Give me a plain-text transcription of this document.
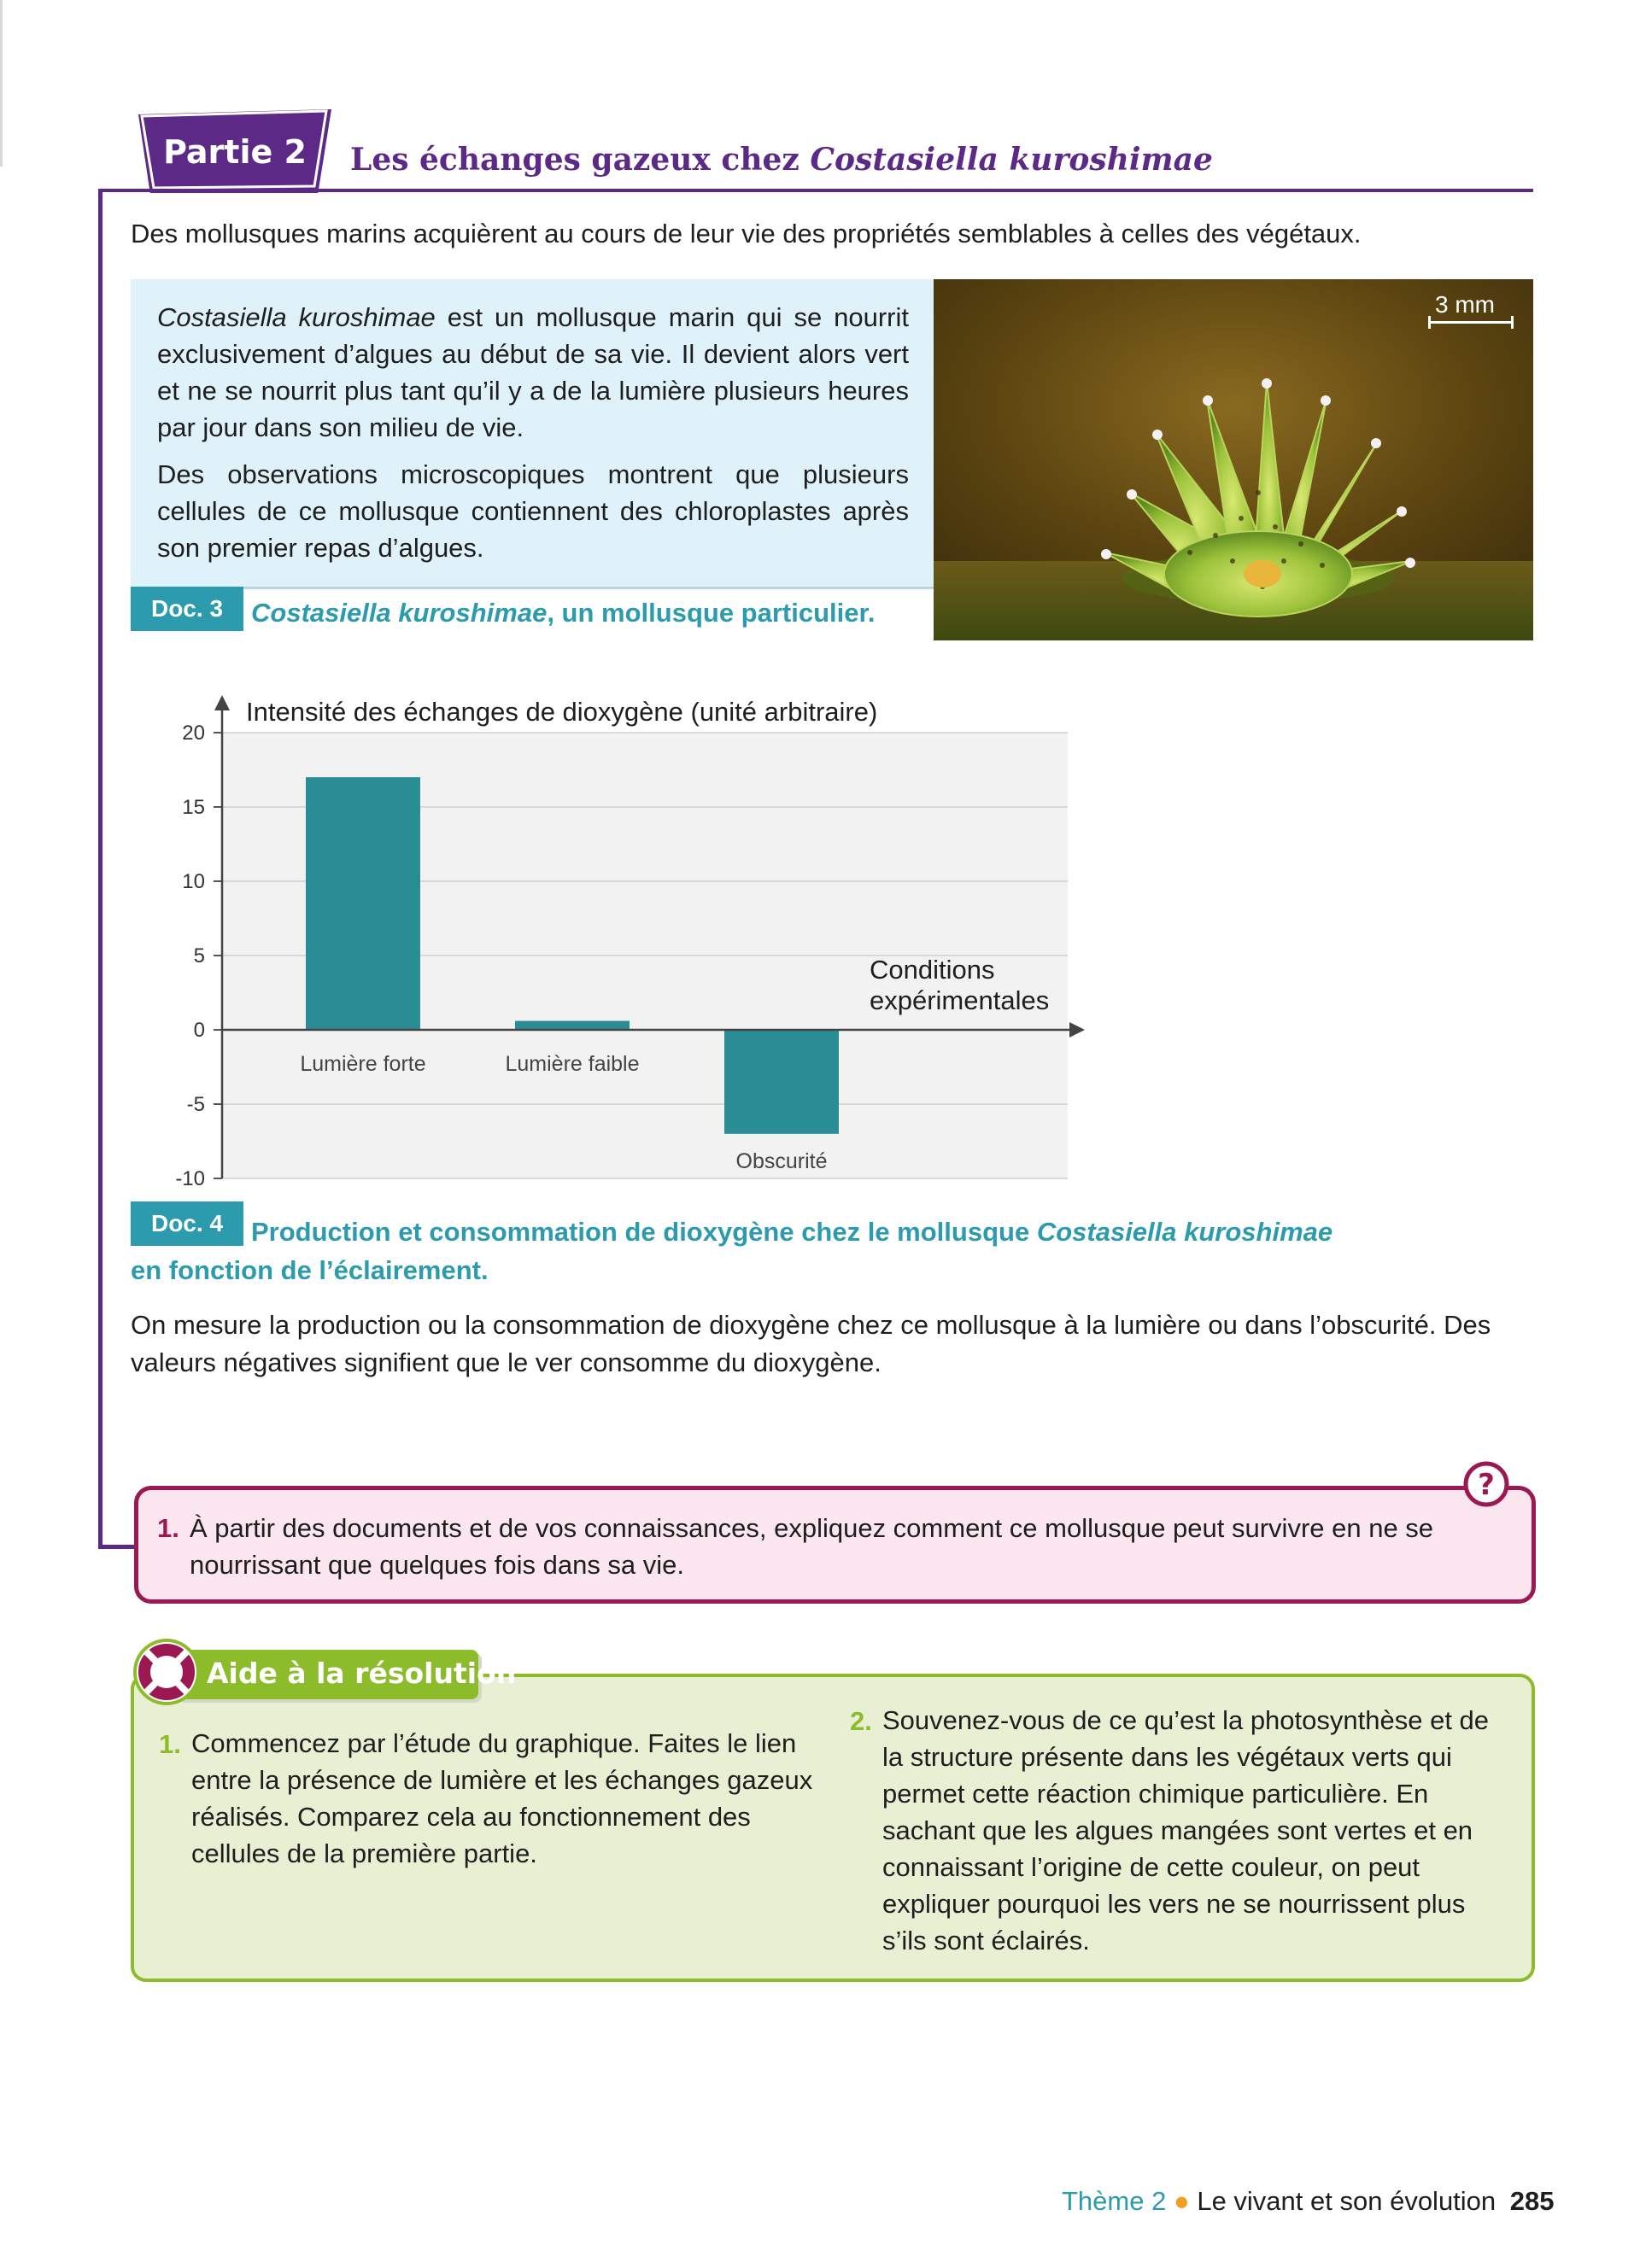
Partie 2	Les échanges gazeux chez Costasiella kuroshimae
Des mollusques marins acquièrent au cours de leur vie des propriétés semblables à celles des végétaux.

Costasiella kuroshimae est un mollusque marin qui se nourrit exclusivement d’algues au début de sa vie. Il devient alors vert et ne se nourrit plus tant qu’il y a de la lumière plusieurs heures par jour dans son milieu de vie.

Des observations microscopiques montrent que plusieurs cellules de ce mollusque contiennent des chloroplastes après son premier repas d’algues.

Doc. 3	Costasiella kuroshimae, un mollusque particulier.
3 mm
20
15
10
5
0
-5
-10
Intensité des échanges de dioxygène (unité arbitraire)
Conditions expérimentales
Lumière forte	Lumière faible
Obscurité
Doc. 4	Production et consommation de dioxygène chez le mollusque Costasiella kuroshimae
en fonction de l’éclairement.
On mesure la production ou la consommation de dioxygène chez ce mollusque à la lumière ou dans l’obscurité. Des valeurs négatives signifient que le ver consomme du dioxygène.
?
1. À partir des documents et de vos connaissances, expliquez comment ce mollusque peut survivre en ne se nourrissant que quelques fois dans sa vie.
Aide à la résolution
1. Commencez par l’étude du graphique. Faites le lien entre la présence de lumière et les échanges gazeux réalisés. Comparez cela au fonctionnement des cellules de la première partie.
2. Souvenez-vous de ce qu’est la photosynthèse et de la structure présente dans les végétaux verts qui permet cette réaction chimique particulière. En sachant que les algues mangées sont vertes et en connaissant l’origine de cette couleur, on peut expliquer pourquoi les vers ne se nourrissent plus s’ils sont éclairés.
Thème 2 ● Le vivant et son évolution 285
